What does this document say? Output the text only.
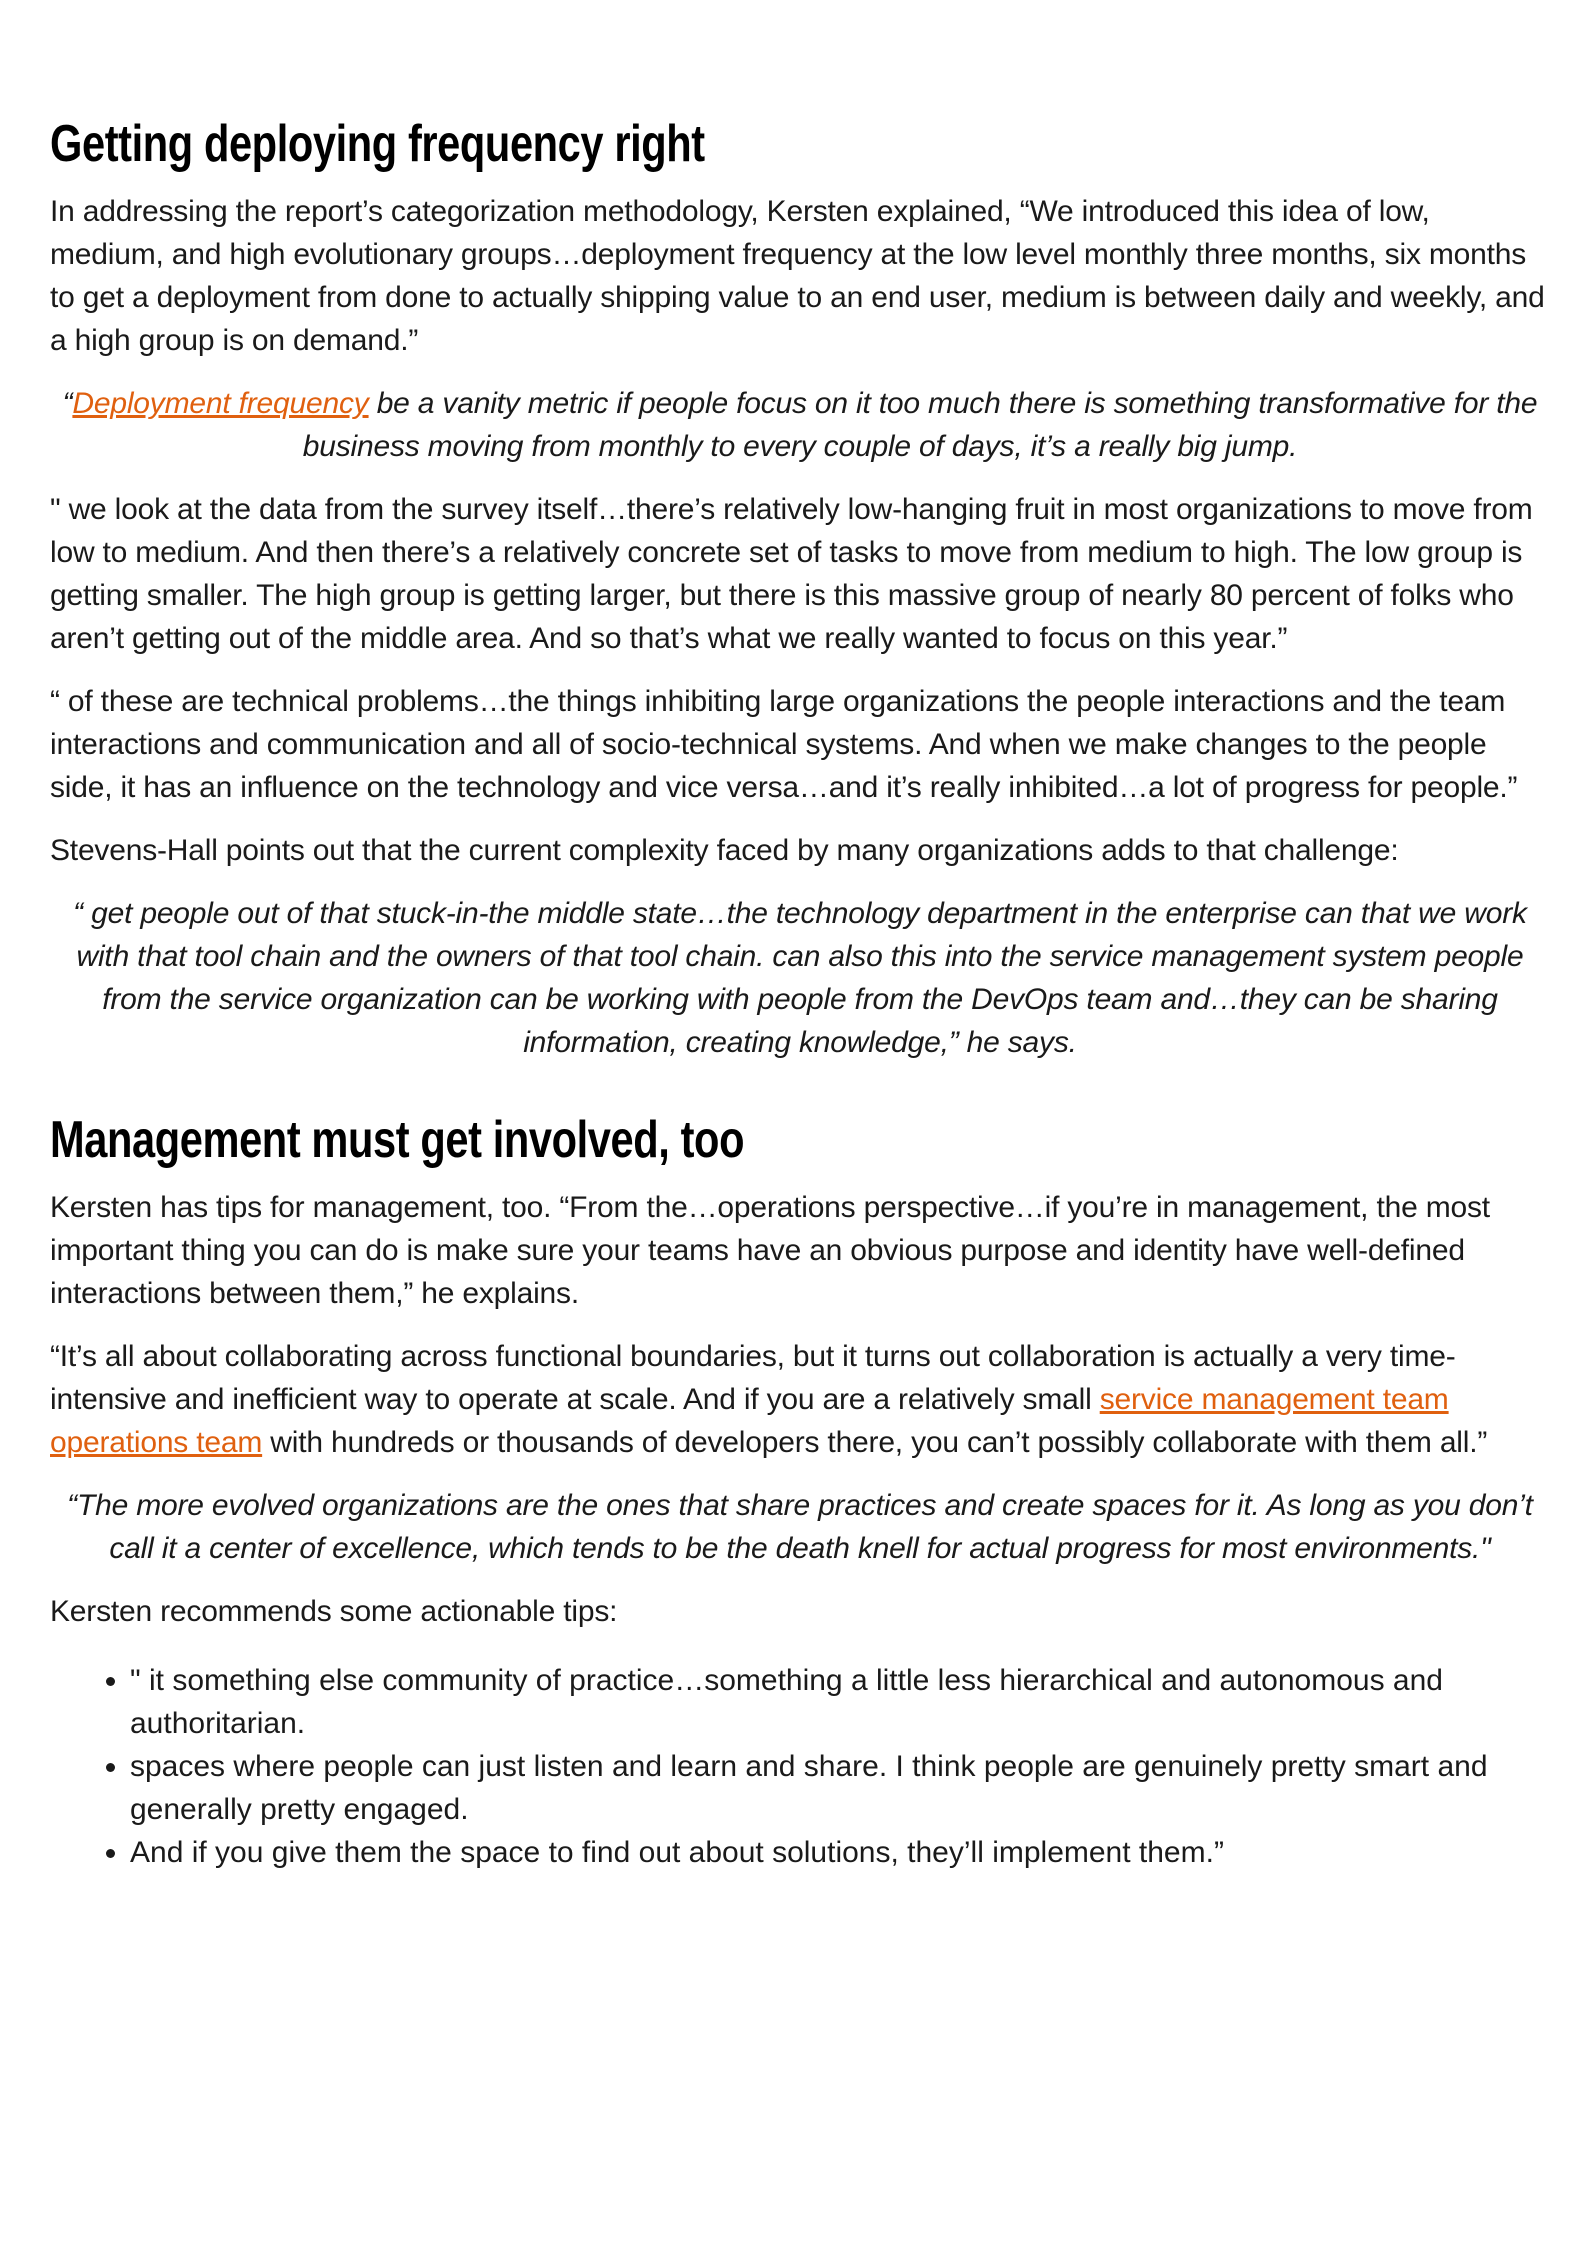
Getting deploying frequency right

In addressing the report’s categorization methodology, Kersten explained, “We introduced this idea of low, medium, and high evolutionary groups…deployment frequency at the low level monthly three months, six months to get a deployment from done to actually shipping value to an end user, medium is between daily and weekly, and a high group is on demand.”

“Deployment frequency be a vanity metric if people focus on it too much there is something transformative for the business moving from monthly to every couple of days, it’s a really big jump.

" we look at the data from the survey itself…there’s relatively low-hanging fruit in most organizations to move from low to medium. And then there’s a relatively concrete set of tasks to move from medium to high. The low group is getting smaller. The high group is getting larger, but there is this massive group of nearly 80 percent of folks who aren’t getting out of the middle area. And so that’s what we really wanted to focus on this year.”

“ of these are technical problems…the things inhibiting large organizations the people interactions and the team interactions and communication and all of socio-technical systems. And when we make changes to the people side, it has an influence on the technology and vice versa…and it’s really inhibited…a lot of progress for people.”

Stevens-Hall points out that the current complexity faced by many organizations adds to that challenge:

“ get people out of that stuck-in-the middle state…the technology department in the enterprise can that we work with that tool chain and the owners of that tool chain. can also this into the service management system people from the service organization can be working with people from the DevOps team and…they can be sharing information, creating knowledge,” he says.

Management must get involved, too

Kersten has tips for management, too. “From the…operations perspective…if you’re in management, the most important thing you can do is make sure your teams have an obvious purpose and identity have well-defined interactions between them,” he explains.

“It’s all about collaborating across functional boundaries, but it turns out collaboration is actually a very time-intensive and inefficient way to operate at scale. And if you are a relatively small service management team operations team with hundreds or thousands of developers there, you can’t possibly collaborate with them all.”

“The more evolved organizations are the ones that share practices and create spaces for it. As long as you don’t call it a center of excellence, which tends to be the death knell for actual progress for most environments."

Kersten recommends some actionable tips:

• " it something else community of practice…something a little less hierarchical and autonomous and authoritarian.
• spaces where people can just listen and learn and share. I think people are genuinely pretty smart and generally pretty engaged.
• And if you give them the space to find out about solutions, they’ll implement them.”
